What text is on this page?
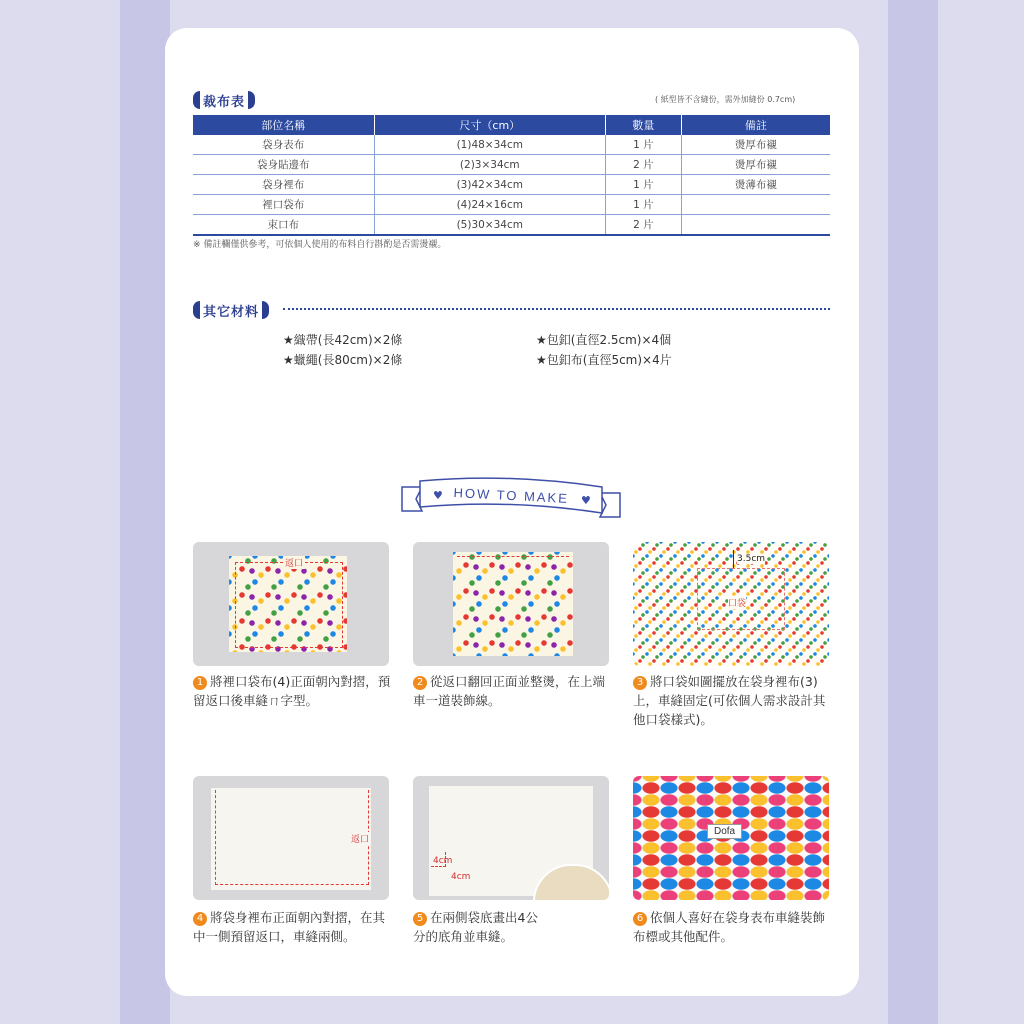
裁布表	( 紙型皆不含縫份，需外加縫份 0.7cm)
部位名稱	尺寸（cm）	數量	備註
袋身表布	(1)48×34cm	1 片	燙厚布襯
袋身貼邊布	(2)3×34cm	2 片	燙厚布襯
袋身裡布	(3)42×34cm	1 片	燙薄布襯
裡口袋布	(4)24×16cm	1 片	
束口布	(5)30×34cm	2 片	
※ 備註欄僅供參考，可依個人使用的布料自行斟酌是否需燙襯。
其它材料
★織帶(長42cm)×2條
★蠟繩(長80cm)×2條
★包釦(直徑2.5cm)×4個
★包釦布(直徑5cm)×4片
HOW TO MAKE
♥	♥
返口	3.5cm
口袋
1 將裡口袋布(4)正面朝內對摺，預留返口後車縫ㄇ字型。
2 從返口翻回正面並整燙，在上端車一道裝飾線。
3 將口袋如圖擺放在袋身裡布(3)上，車縫固定(可依個人需求設計其他口袋樣式)。
返口
4cm
4cm
Dofa
4 將袋身裡布正面朝內對摺，在其中一側預留返口，車縫兩側。
5 在兩側袋底畫出4公分的底角並車縫。
6 依個人喜好在袋身表布車縫裝飾布標或其他配件。
